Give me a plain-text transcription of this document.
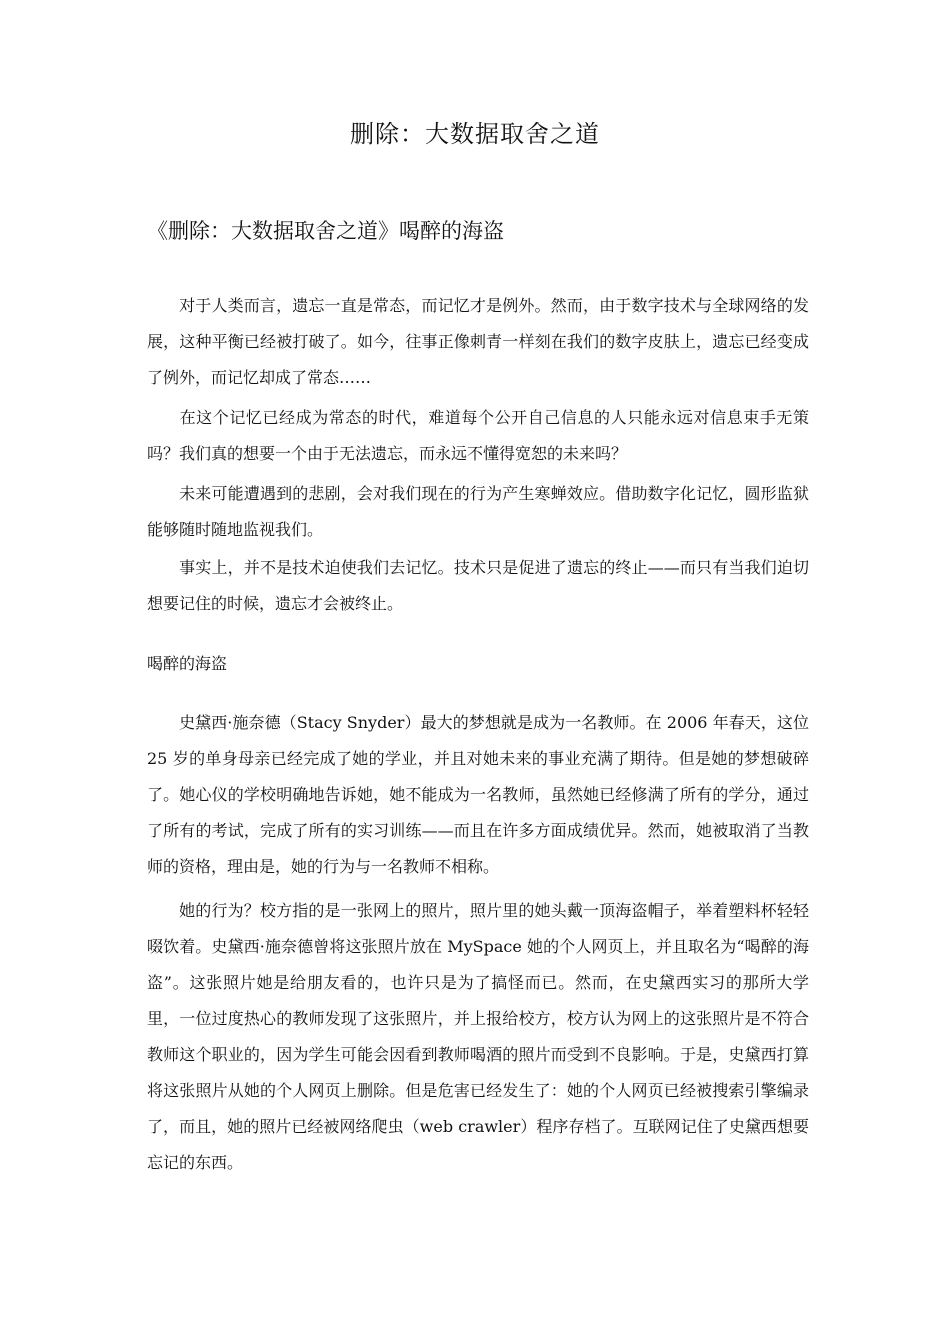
删除：大数据取舍之道
《删除：大数据取舍之道》喝醉的海盗

对于人类而言，遗忘一直是常态，而记忆才是例外。然而，由于数字技术与全球网络的发展，这种平衡已经被打破了。如今，往事正像刺青一样刻在我们的数字皮肤上，遗忘已经变成了例外，而记忆却成了常态……

在这个记忆已经成为常态的时代，难道每个公开自己信息的人只能永远对信息束手无策吗？我们真的想要一个由于无法遗忘，而永远不懂得宽恕的未来吗？

未来可能遭遇到的悲剧，会对我们现在的行为产生寒蝉效应。借助数字化记忆，圆形监狱能够随时随地监视我们。

事实上，并不是技术迫使我们去记忆。技术只是促进了遗忘的终止——而只有当我们迫切想要记住的时候，遗忘才会被终止。

喝醉的海盗

史黛西·施奈德（Stacy Snyder）最大的梦想就是成为一名教师。在 2006 年春天，这位 25 岁的单身母亲已经完成了她的学业，并且对她未来的事业充满了期待。但是她的梦想破碎了。她心仪的学校明确地告诉她，她不能成为一名教师，虽然她已经修满了所有的学分，通过了所有的考试，完成了所有的实习训练——而且在许多方面成绩优异。然而，她被取消了当教师的资格，理由是，她的行为与一名教师不相称。

她的行为？校方指的是一张网上的照片，照片里的她头戴一顶海盗帽子，举着塑料杯轻轻啜饮着。史黛西·施奈德曾将这张照片放在 MySpace 她的个人网页上，并且取名为“喝醉的海盗”。这张照片她是给朋友看的，也许只是为了搞怪而已。然而，在史黛西实习的那所大学里，一位过度热心的教师发现了这张照片，并上报给校方，校方认为网上的这张照片是不符合教师这个职业的，因为学生可能会因看到教师喝酒的照片而受到不良影响。于是，史黛西打算将这张照片从她的个人网页上删除。但是危害已经发生了：她的个人网页已经被搜索引擎编录了，而且，她的照片已经被网络爬虫（web crawler）程序存档了。互联网记住了史黛西想要忘记的东西。
